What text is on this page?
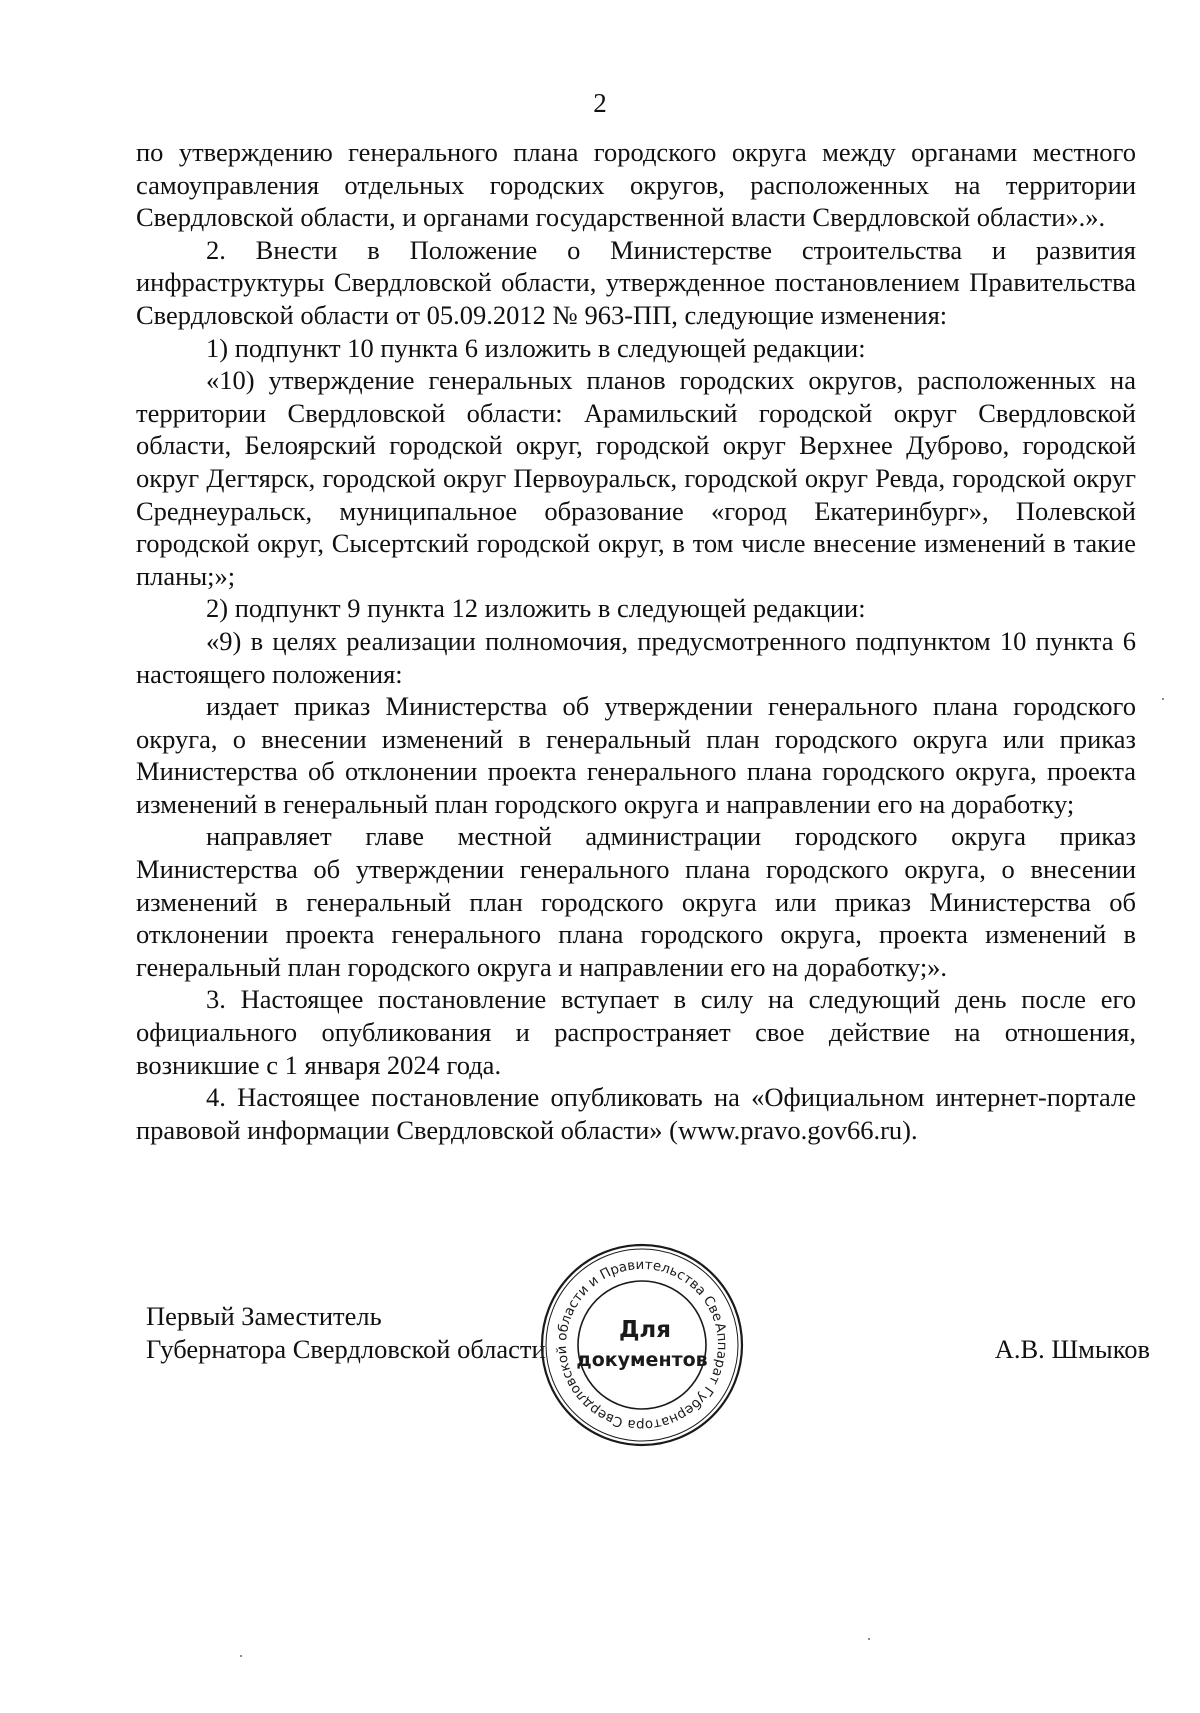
2

по утверждению генерального плана городского округа между органами местного самоуправления отдельных городских округов, расположенных на территории Свердловской области, и органами государственной власти Свердловской области».».

2. Внести в Положение о Министерстве строительства и развития инфраструктуры Свердловской области, утвержденное постановлением Правительства Свердловской области от 05.09.2012 № 963-ПП, следующие изменения:

1) подпункт 10 пункта 6 изложить в следующей редакции:

«10) утверждение генеральных планов городских округов, расположенных на территории Свердловской области: Арамильский городской округ Свердловской области, Белоярский городской округ, городской округ Верхнее Дуброво, городской округ Дегтярск, городской округ Первоуральск, городской округ Ревда, городской округ Среднеуральск, муниципальное образование «город Екатеринбург», Полевской городской округ, Сысертский городской округ, в том числе внесение изменений в такие планы;»;

2) подпункт 9 пункта 12 изложить в следующей редакции:

«9) в целях реализации полномочия, предусмотренного подпунктом 10 пункта 6 настоящего положения:

издает приказ Министерства об утверждении генерального плана городского округа, о внесении изменений в генеральный план городского округа или приказ Министерства об отклонении проекта генерального плана городского округа, проекта изменений в генеральный план городского округа и направлении его на доработку;

направляет главе местной администрации городского округа приказ Министерства об утверждении генерального плана городского округа, о внесении изменений в генеральный план городского округа или приказ Министерства об отклонении проекта генерального плана городского округа, проекта изменений в генеральный план городского округа и направлении его на доработку;».

3. Настоящее постановление вступает в силу на следующий день после его официального опубликования и распространяет свое действие на отношения, возникшие с 1 января 2024 года.

4. Настоящее постановление опубликовать на «Официальном интернет-портале правовой информации Свердловской области» (www.pravo.gov66.ru).

Первый Заместитель
Губернатора Свердловской области	А.В. Шмыков
Аппарат Губернатора Свердловской области и Правительства Свердловской
Для
документов
